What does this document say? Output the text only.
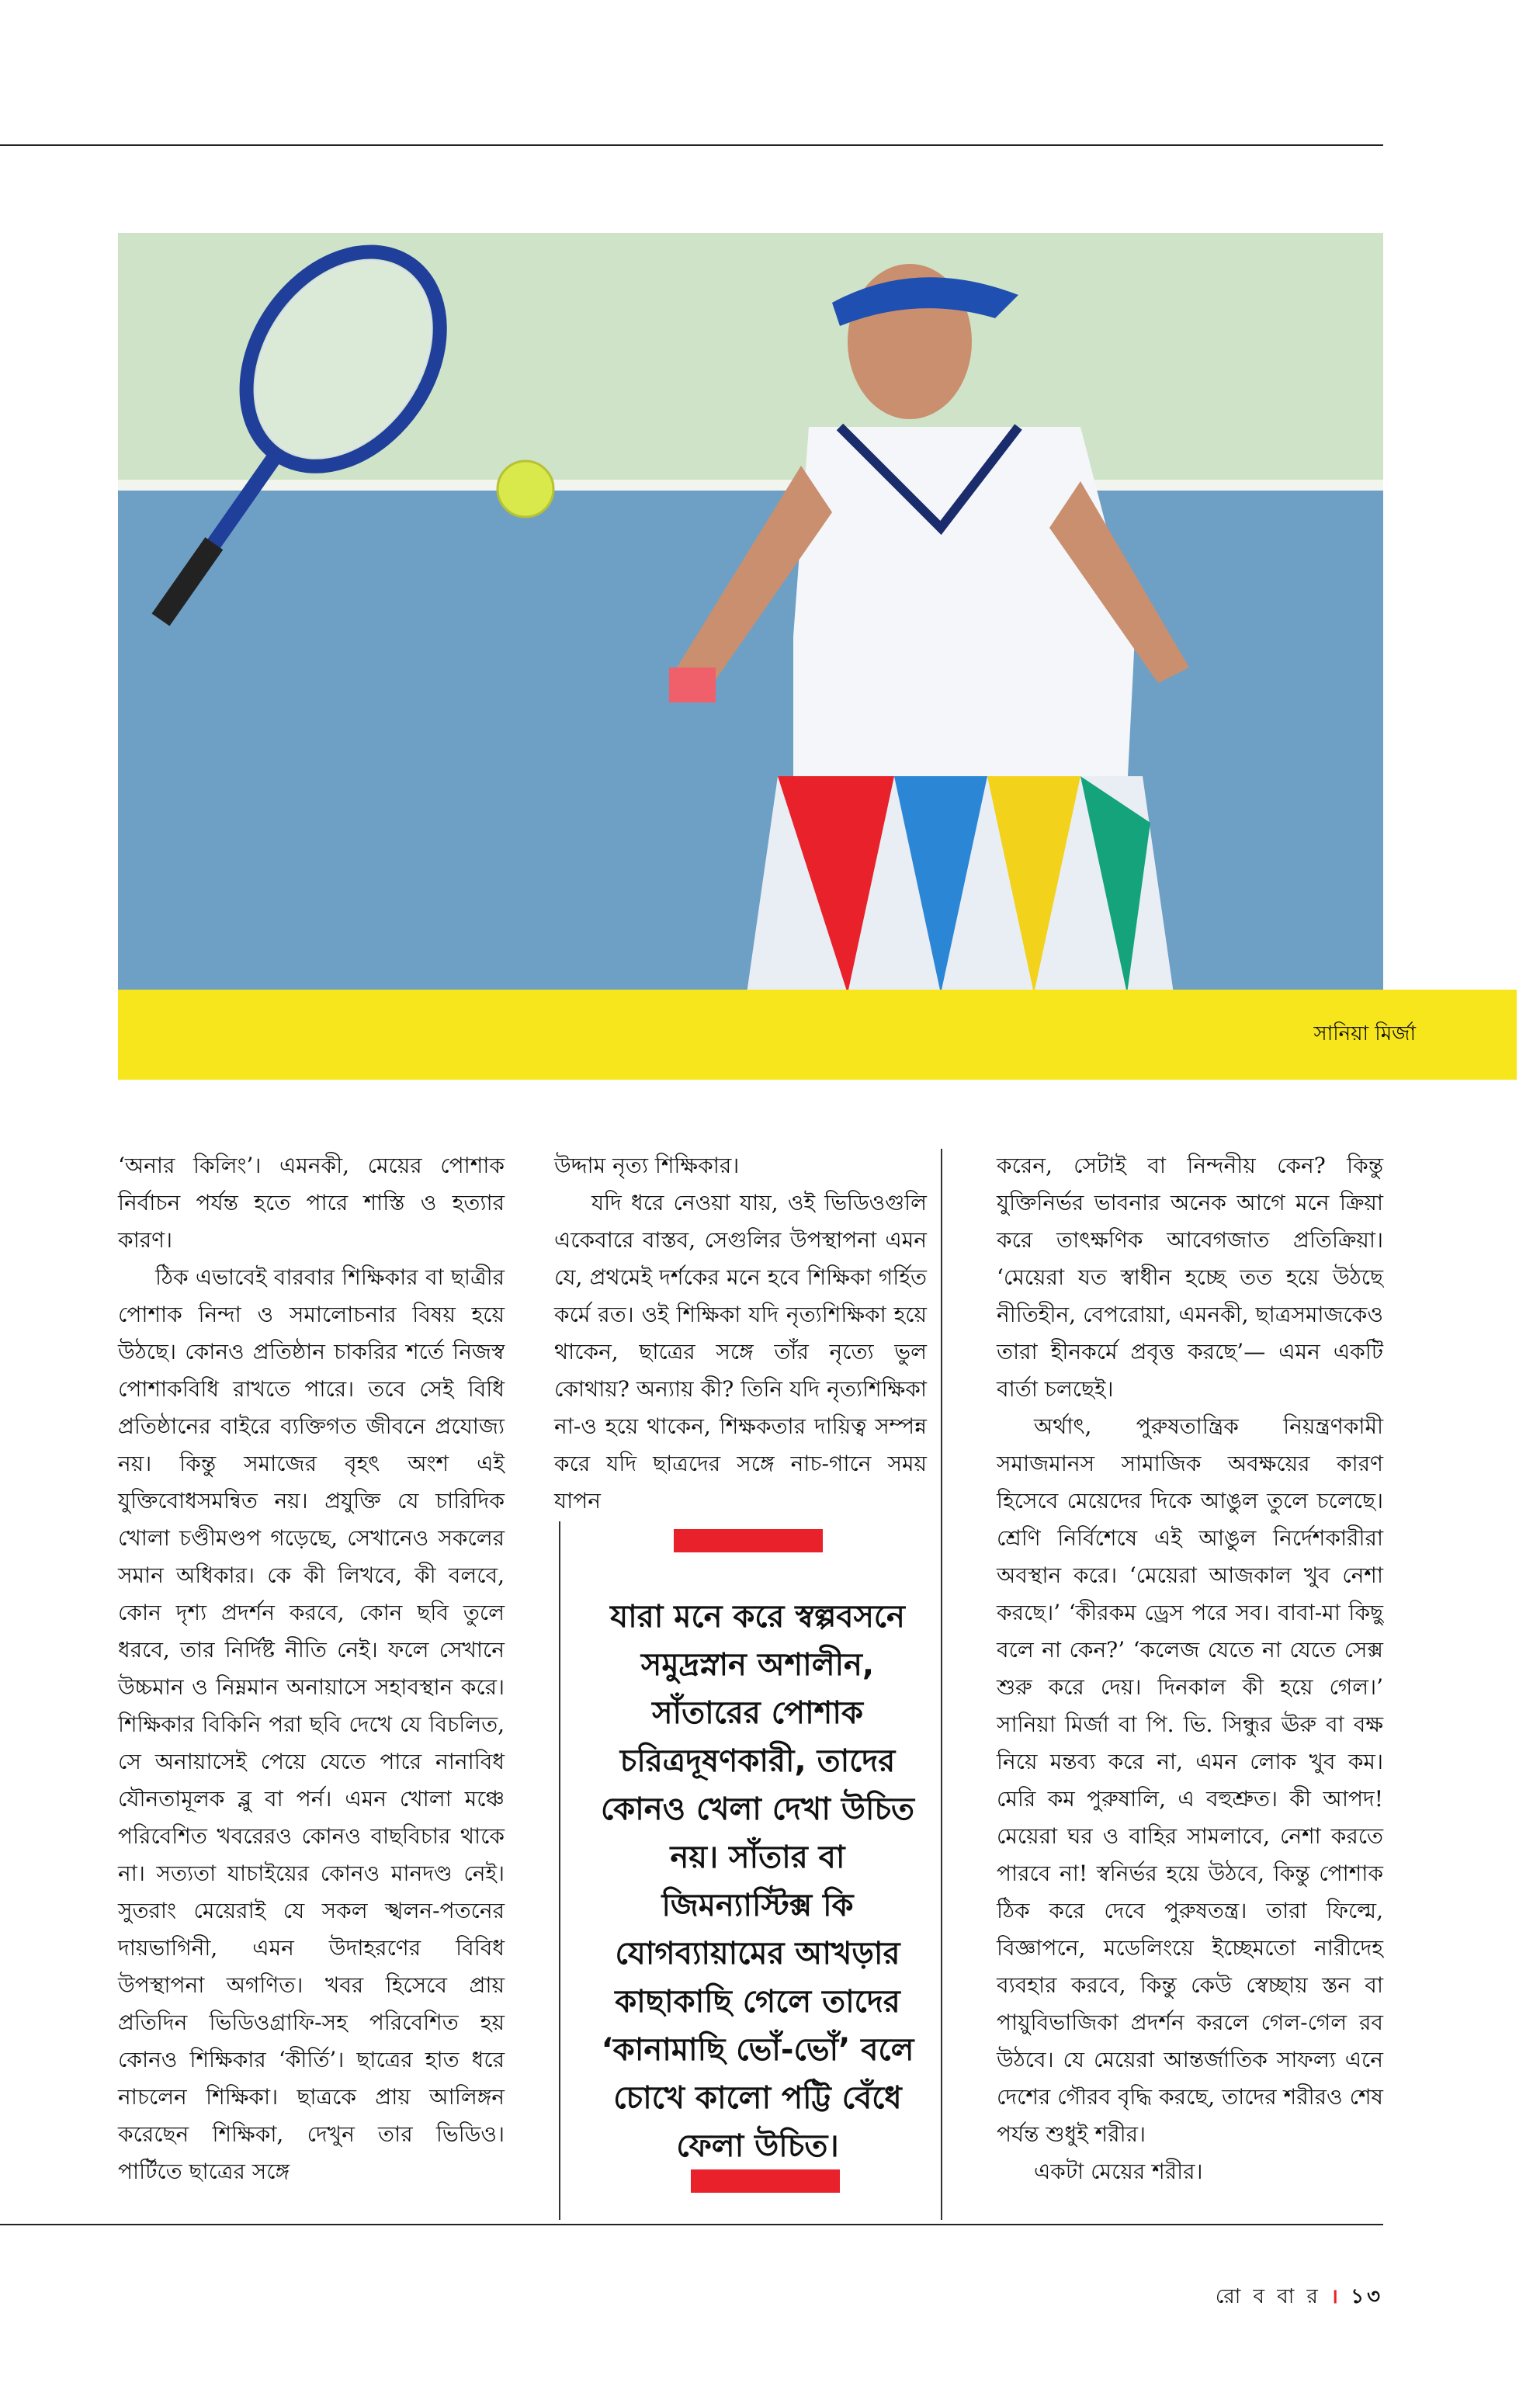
সানিয়া মির্জা

‘অনার কিলিং’। এমনকী, মেয়ের পোশাক নির্বাচন পর্যন্ত হতে পারে শাস্তি ও হত্যার কারণ।

ঠিক এভাবেই বারবার শিক্ষিকার বা ছাত্রীর পোশাক নিন্দা ও সমালোচনার বিষয় হয়ে উঠছে। কোনও প্রতিষ্ঠান চাকরির শর্তে নিজস্ব পোশাকবিধি রাখতে পারে। তবে সেই বিধি প্রতিষ্ঠানের বাইরে ব্যক্তিগত জীবনে প্রযোজ্য নয়। কিন্তু সমাজের বৃহৎ অংশ এই যুক্তিবোধসমন্বিত নয়। প্রযুক্তি যে চারিদিক খোলা চণ্ডীমণ্ডপ গড়েছে, সেখানেও সকলের সমান অধিকার। কে কী লিখবে, কী বলবে, কোন দৃশ্য প্রদর্শন করবে, কোন ছবি তুলে ধরবে, তার নির্দিষ্ট নীতি নেই। ফলে সেখানে উচ্চমান ও নিম্নমান অনায়াসে সহাবস্থান করে। শিক্ষিকার বিকিনি পরা ছবি দেখে যে বিচলিত, সে অনায়াসেই পেয়ে যেতে পারে নানাবিধ যৌনতামূলক ব্লু বা পর্ন। এমন খোলা মঞ্চে পরিবেশিত খবরেরও কোনও বাছবিচার থাকে না। সত্যতা যাচাইয়ের কোনও মানদণ্ড নেই। সুতরাং মেয়েরাই যে সকল স্খলন-পতনের দায়ভাগিনী, এমন উদাহরণের বিবিধ উপস্থাপনা অগণিত। খবর হিসেবে প্রায় প্রতিদিন ভিডিওগ্রাফি-সহ পরিবেশিত হয় কোনও শিক্ষিকার ‘কীর্তি’। ছাত্রের হাত ধরে নাচলেন শিক্ষিকা। ছাত্রকে প্রায় আলিঙ্গন করেছেন শিক্ষিকা, দেখুন তার ভিডিও। পার্টিতে ছাত্রের সঙ্গে

উদ্দাম নৃত্য শিক্ষিকার।

যদি ধরে নেওয়া যায়, ওই ভিডিওগুলি একেবারে বাস্তব, সেগুলির উপস্থাপনা এমন যে, প্রথমেই দর্শকের মনে হবে শিক্ষিকা গর্হিত কর্মে রত। ওই শিক্ষিকা যদি নৃত্যশিক্ষিকা হয়ে থাকেন, ছাত্রের সঙ্গে তাঁর নৃত্যে ভুল কোথায়? অন্যায় কী? তিনি যদি নৃত্যশিক্ষিকা না-ও হয়ে থাকেন, শিক্ষকতার দায়িত্ব সম্পন্ন করে যদি ছাত্রদের সঙ্গে নাচ-গানে সময় যাপন

যারা মনে করে স্বল্পবসনে সমুদ্রস্নান অশালীন, সাঁতারের পোশাক চরিত্রদূষণকারী, তাদের কোনও খেলা দেখা উচিত নয়। সাঁতার বা জিমন্যাস্টিক্স কি যোগব্যায়ামের আখড়ার কাছাকাছি গেলে তাদের ‘কানামাছি ভোঁ-ভোঁ’ বলে চোখে কালো পট্টি বেঁধে ফেলা উচিত।

করেন, সেটাই বা নিন্দনীয় কেন? কিন্তু যুক্তিনির্ভর ভাবনার অনেক আগে মনে ক্রিয়া করে তাৎক্ষণিক আবেগজাত প্রতিক্রিয়া। ‘মেয়েরা যত স্বাধীন হচ্ছে তত হয়ে উঠছে নীতিহীন, বেপরোয়া, এমনকী, ছাত্রসমাজকেও তারা হীনকর্মে প্রবৃত্ত করছে’— এমন একটি বার্তা চলছেই।

অর্থাৎ, পুরুষতান্ত্রিক নিয়ন্ত্রণকামী সমাজমানস সামাজিক অবক্ষয়ের কারণ হিসেবে মেয়েদের দিকে আঙুল তুলে চলেছে। শ্রেণি নির্বিশেষে এই আঙুল নির্দেশকারীরা অবস্থান করে। ‘মেয়েরা আজকাল খুব নেশা করছে।’ ‘কীরকম ড্রেস পরে সব। বাবা-মা কিছু বলে না কেন?’ ‘কলেজ যেতে না যেতে সেক্স শুরু করে দেয়। দিনকাল কী হয়ে গেল।’ সানিয়া মির্জা বা পি. ভি. সিন্ধুর ঊরু বা বক্ষ নিয়ে মন্তব্য করে না, এমন লোক খুব কম। মেরি কম পুরুষালি, এ বহুশ্রুত। কী আপদ! মেয়েরা ঘর ও বাহির সামলাবে, নেশা করতে পারবে না! স্বনির্ভর হয়ে উঠবে, কিন্তু পোশাক ঠিক করে দেবে পুরুষতন্ত্র। তারা ফিল্মে, বিজ্ঞাপনে, মডেলিংয়ে ইচ্ছেমতো নারীদেহ ব্যবহার করবে, কিন্তু কেউ স্বেচ্ছায় স্তন বা পায়ুবিভাজিকা প্রদর্শন করলে গেল-গেল রব উঠবে। যে মেয়েরা আন্তর্জাতিক সাফল্য এনে দেশের গৌরব বৃদ্ধি করছে, তাদের শরীরও শেষ পর্যন্ত শুধুই শরীর।

একটা মেয়ের শরীর।

রো ব বা র । ১৩
